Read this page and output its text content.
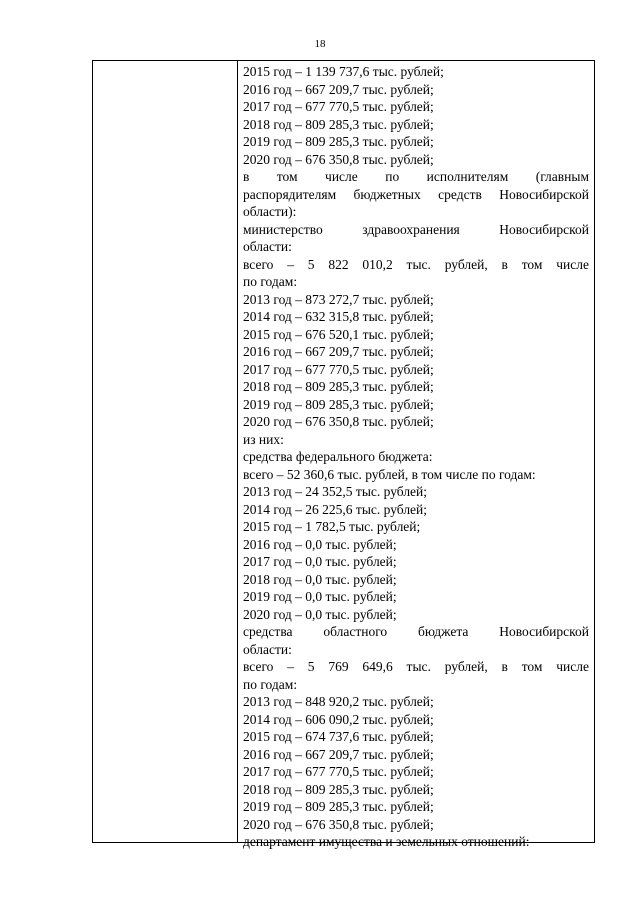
18
2015 год – 1 139 737,6 тыс. рублей;
2016 год – 667 209,7 тыс. рублей;
2017 год – 677 770,5 тыс. рублей;
2018 год – 809 285,3 тыс. рублей;
2019 год – 809 285,3 тыс. рублей;
2020 год – 676 350,8 тыс. рублей;
в том числе по исполнителям (главным
распорядителям бюджетных средств Новосибирской
области):
министерство здравоохранения Новосибирской
области:
всего – 5 822 010,2 тыс. рублей, в том числе
по годам:
2013 год – 873 272,7 тыс. рублей;
2014 год – 632 315,8 тыс. рублей;
2015 год – 676 520,1 тыс. рублей;
2016 год – 667 209,7 тыс. рублей;
2017 год – 677 770,5 тыс. рублей;
2018 год – 809 285,3 тыс. рублей;
2019 год – 809 285,3 тыс. рублей;
2020 год – 676 350,8 тыс. рублей;
из них:
средства федерального бюджета:
всего – 52 360,6 тыс. рублей, в том числе по годам:
2013 год – 24 352,5 тыс. рублей;
2014 год – 26 225,6 тыс. рублей;
2015 год – 1 782,5 тыс. рублей;
2016 год – 0,0 тыс. рублей;
2017 год – 0,0 тыс. рублей;
2018 год – 0,0 тыс. рублей;
2019 год – 0,0 тыс. рублей;
2020 год – 0,0 тыс. рублей;
средства областного бюджета Новосибирской
области:
всего – 5 769 649,6 тыс. рублей, в том числе
по годам:
2013 год – 848 920,2 тыс. рублей;
2014 год – 606 090,2 тыс. рублей;
2015 год – 674 737,6 тыс. рублей;
2016 год – 667 209,7 тыс. рублей;
2017 год – 677 770,5 тыс. рублей;
2018 год – 809 285,3 тыс. рублей;
2019 год – 809 285,3 тыс. рублей;
2020 год – 676 350,8 тыс. рублей;
департамент имущества и земельных отношений:
